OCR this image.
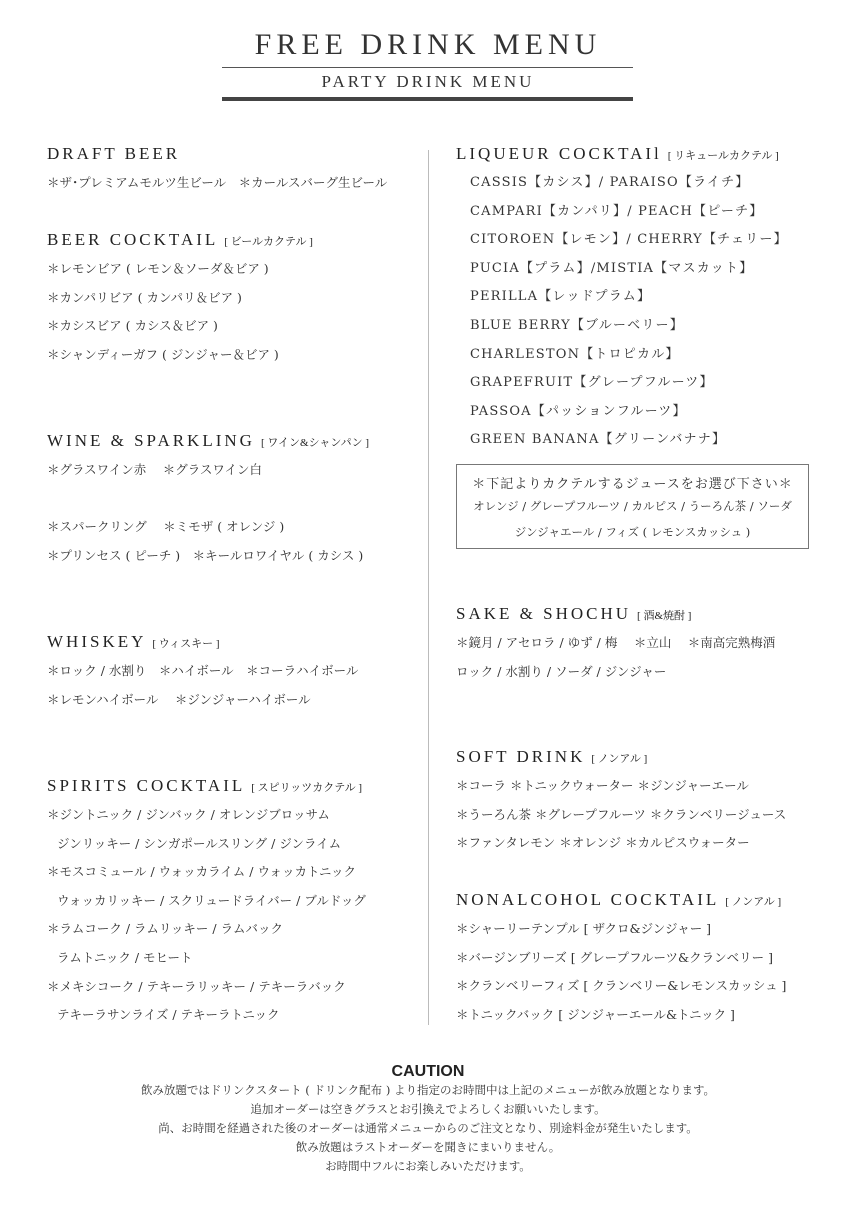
FREE DRINK MENU
PARTY DRINK MENU
DRAFT BEER
＊ザ･プレミアムモルツ生ビール　＊カールスバーグ生ビール
BEER COCKTAIL [ ビールカクテル ]
＊レモンビア ( レモン＆ソーダ＆ビア )
＊カンパリビア ( カンパリ＆ビア )
＊カシスビア ( カシス＆ビア )
＊シャンディーガフ ( ジンジャー＆ビア )
WINE & SPARKLING [ ワイン&シャンパン ]
＊グラスワイン赤　 ＊グラスワイン白
＊スパークリング　 ＊ミモザ ( オレンジ )
＊プリンセス ( ピーチ )　＊キールロワイヤル ( カシス )
WHISKEY [ ウィスキー ]
＊ロック / 水割り　＊ハイボール　＊コーラハイボール
＊レモンハイボール　 ＊ジンジャーハイボール
SPIRITS COCKTAIL [ スピリッツカクテル ]
＊ジントニック / ジンバック / オレンジブロッサム
ジンリッキー / シンガポールスリング / ジンライム
＊モスコミュール / ウォッカライム / ウォッカトニック
ウォッカリッキー / スクリュードライバー / ブルドッグ
＊ラムコーク / ラムリッキー / ラムバック
ラムトニック / モヒート
＊メキシコーク / テキーラリッキー / テキーラバック
テキーラサンライズ / テキーラトニック
LIQUEUR COCKTAIl [ リキュールカクテル ]
CASSIS【カシス】/ PARAISO【ライチ】
CAMPARI【カンパリ】/ PEACH【ピーチ】
CITOROEN【レモン】/ CHERRY【チェリー】
PUCIA【プラム】/MISTIA【マスカット】
PERILLA【レッドプラム】
BLUE BERRY【ブルーベリー】
CHARLESTON【トロピカル】
GRAPEFRUIT【グレープフルーツ】
PASSOA【パッションフルーツ】
GREEN BANANA【グリーンバナナ】
＊下記よりカクテルするジュースをお選び下さい＊
オレンジ / グレープフルーツ / カルピス / うーろん茶 / ソーダ
ジンジャエール / フィズ ( レモンスカッシュ )
SAKE & SHOCHU [ 酒&焼酎 ]
＊鏡月 / アセロラ / ゆず / 梅　 ＊立山　 ＊南高完熟梅酒
ロック / 水割り / ソーダ / ジンジャー
SOFT DRINK [ ノンアル ]
＊コーラ ＊トニックウォーター ＊ジンジャーエール
＊うーろん茶 ＊グレープフルーツ ＊クランベリージュース
＊ファンタレモン ＊オレンジ ＊カルピスウォーター
NONALCOHOL COCKTAIL [ ノンアル ]
＊シャーリーテンプル [ ザクロ&ジンジャー ]
＊バージンブリーズ [ グレープフルーツ&クランベリー ]
＊クランベリーフィズ [ クランベリー&レモンスカッシュ ]
＊トニックバック [ ジンジャーエール&トニック ]
CAUTION
飲み放題ではドリンクスタート ( ドリンク配布 ) より指定のお時間中は上記のメニューが飲み放題となります。
追加オーダーは空きグラスとお引換えでよろしくお願いいたします。
尚、お時間を経過された後のオーダーは通常メニューからのご注文となり、別途料金が発生いたします。
飲み放題はラストオーダーを聞きにまいりません。
お時間中フルにお楽しみいただけます。
